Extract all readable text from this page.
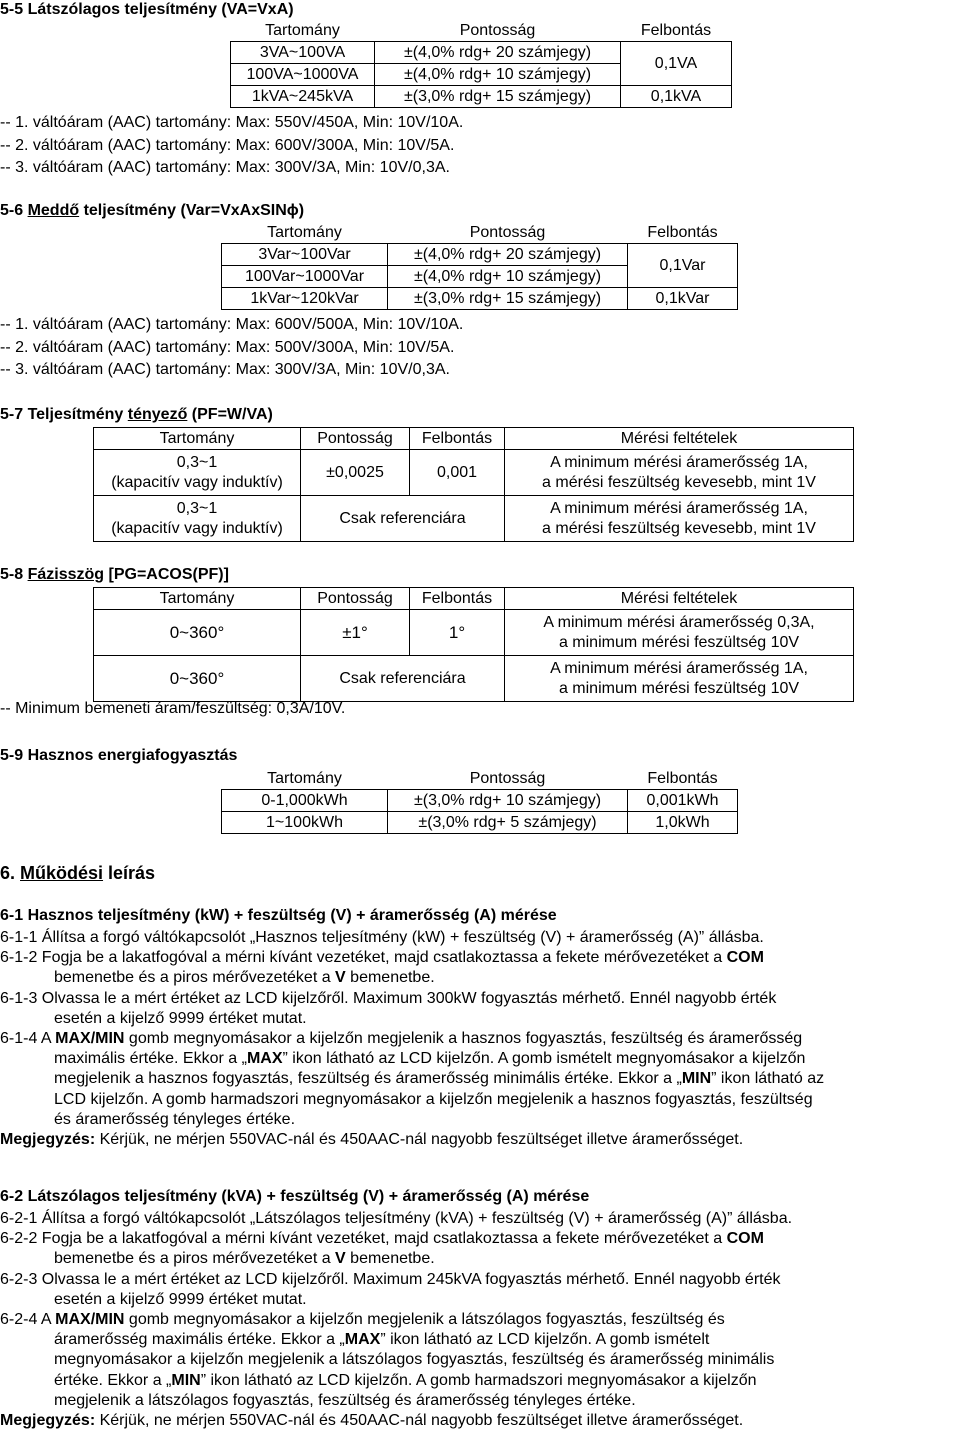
5-5 Látszólagos teljesítmény (VA=VxA)
Tartomány	Pontosság	Felbontás
3VA~100VA	±(4,0% rdg+ 20 számjegy)	0,1VA
100VA~1000VA	±(4,0% rdg+ 10 számjegy)	
1kVA~245kVA	±(3,0% rdg+ 15 számjegy)	0,1kVA
-- 1. váltóáram (AAC) tartomány: Max: 550V/450A, Min: 10V/10A.
-- 2. váltóáram (AAC) tartomány: Max: 600V/300A, Min: 10V/5A.
-- 3. váltóáram (AAC) tartomány: Max: 300V/3A, Min: 10V/0,3A.
5-6 Meddő teljesítmény (Var=VxAxSINϕ)
Tartomány	Pontosság	Felbontás
3Var~100Var	±(4,0% rdg+ 20 számjegy)	0,1Var
100Var~1000Var	±(4,0% rdg+ 10 számjegy)	
1kVar~120kVar	±(3,0% rdg+ 15 számjegy)	0,1kVar
-- 1. váltóáram (AAC) tartomány: Max: 600V/500A, Min: 10V/10A.
-- 2. váltóáram (AAC) tartomány: Max: 500V/300A, Min: 10V/5A.
-- 3. váltóáram (AAC) tartomány: Max: 300V/3A, Min: 10V/0,3A.
5-7 Teljesítmény tényező (PF=W/VA)
Tartomány	Pontosság	Felbontás	Mérési feltételek
0,3~1
(kapacitív vagy induktív)	±0,0025	0,001	A minimum mérési áramerősség 1A,
a mérési feszültség kevesebb, mint 1V
0,3~1
(kapacitív vagy induktív)	Csak referenciára		A minimum mérési áramerősség 1A,
a mérési feszültség kevesebb, mint 1V
5-8 Fázisszög [PG=ACOS(PF)]
Tartomány	Pontosság	Felbontás	Mérési feltételek
0~360°	±1°	1°	A minimum mérési áramerősség 0,3A,
a minimum mérési feszültség 10V
0~360°	Csak referenciára		A minimum mérési áramerősség 1A,
a minimum mérési feszültség 10V
-- Minimum bemeneti áram/feszültség: 0,3A/10V.
5-9 Hasznos energiafogyasztás
Tartomány	Pontosság	Felbontás
0-1,000kWh	±(3,0% rdg+ 10 számjegy)	0,001kWh
1~100kWh	±(3,0% rdg+ 5 számjegy)	1,0kWh
6. Működési leírás
6-1 Hasznos teljesítmény (kW) + feszültség (V) + áramerősség (A) mérése
6-1-1 Állítsa a forgó váltókapcsolót „Hasznos teljesítmény (kW) + feszültség (V) + áramerősség (A)” állásba.
6-1-2 Fogja be a lakatfogóval a mérni kívánt vezetéket, majd csatlakoztassa a fekete mérővezetéket a COM
bemenetbe és a piros mérővezetéket a V bemenetbe.
6-1-3 Olvassa le a mért értéket az LCD kijelzőről. Maximum 300kW fogyasztás mérhető. Ennél nagyobb érték
esetén a kijelző 9999 értéket mutat.
6-1-4 A MAX/MIN gomb megnyomásakor a kijelzőn megjelenik a hasznos fogyasztás, feszültség és áramerősség
maximális értéke. Ekkor a „MAX” ikon látható az LCD kijelzőn. A gomb ismételt megnyomásakor a kijelzőn
megjelenik a hasznos fogyasztás, feszültség és áramerősség minimális értéke. Ekkor a „MIN” ikon látható az
LCD kijelzőn. A gomb harmadszori megnyomásakor a kijelzőn megjelenik a hasznos fogyasztás, feszültség
és áramerősség tényleges értéke.
Megjegyzés: Kérjük, ne mérjen 550VAC-nál és 450AAC-nál nagyobb feszültséget illetve áramerősséget.
6-2 Látszólagos teljesítmény (kVA) + feszültség (V) + áramerősség (A) mérése
6-2-1 Állítsa a forgó váltókapcsolót „Látszólagos teljesítmény (kVA) + feszültség (V) + áramerősség (A)” állásba.
6-2-2 Fogja be a lakatfogóval a mérni kívánt vezetéket, majd csatlakoztassa a fekete mérővezetéket a COM
bemenetbe és a piros mérővezetéket a V bemenetbe.
6-2-3 Olvassa le a mért értéket az LCD kijelzőről. Maximum 245kVA fogyasztás mérhető. Ennél nagyobb érték
esetén a kijelző 9999 értéket mutat.
6-2-4 A MAX/MIN gomb megnyomásakor a kijelzőn megjelenik a látszólagos fogyasztás, feszültség és
áramerősség maximális értéke. Ekkor a „MAX” ikon látható az LCD kijelzőn. A gomb ismételt
megnyomásakor a kijelzőn megjelenik a látszólagos fogyasztás, feszültség és áramerősség minimális
értéke. Ekkor a „MIN” ikon látható az LCD kijelzőn. A gomb harmadszori megnyomásakor a kijelzőn
megjelenik a látszólagos fogyasztás, feszültség és áramerősség tényleges értéke.
Megjegyzés: Kérjük, ne mérjen 550VAC-nál és 450AAC-nál nagyobb feszültséget illetve áramerősséget.
